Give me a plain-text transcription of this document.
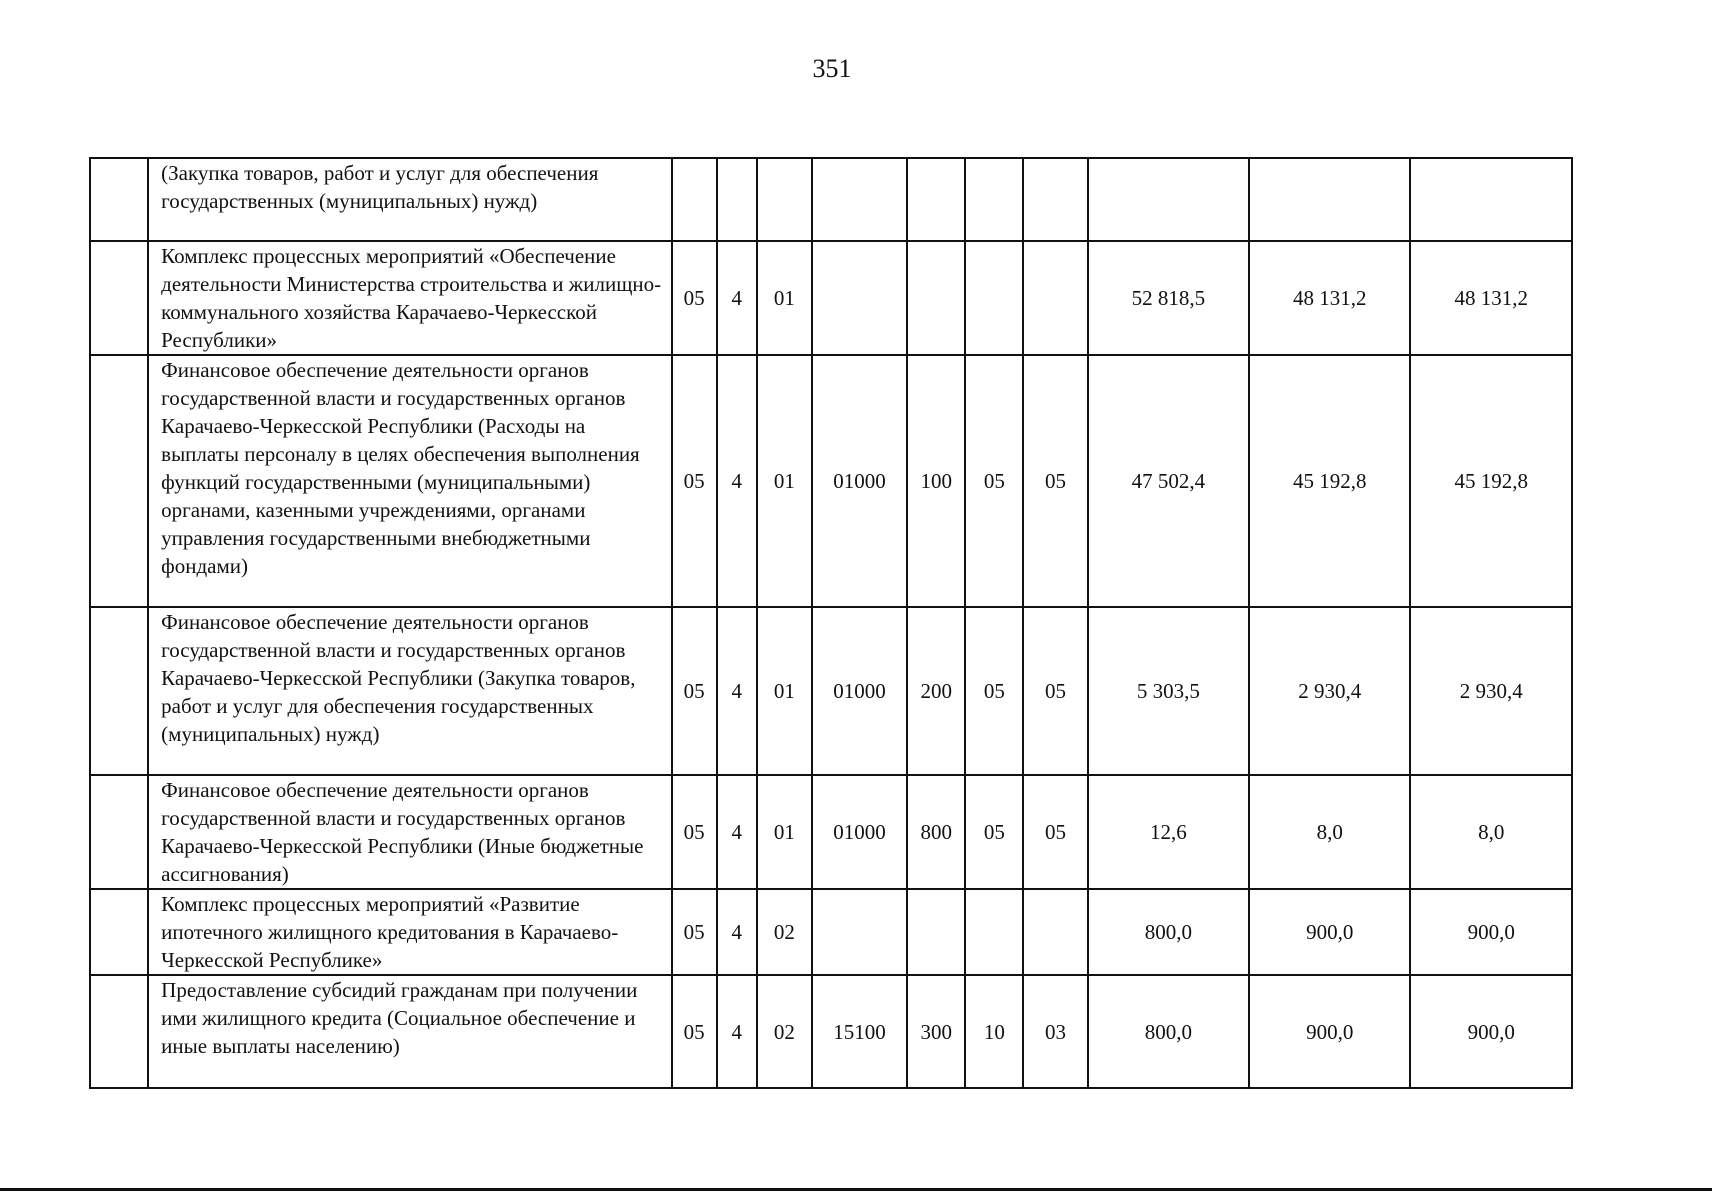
351
	(Закупка товаров, работ и услуг для обеспечения государственных (муниципальных) нужд)										
	Комплекс процессных мероприятий «Обеспечение деятельности Министерства строительства и жилищно-коммунального хозяйства Карачаево-Черкесской Республики»	05	4	01					52 818,5	48 131,2	48 131,2
	Финансовое обеспечение деятельности органов государственной власти и государственных органов Карачаево-Черкесской Республики (Расходы на выплаты персоналу в целях обеспечения выполнения функций государственными (муниципальными) органами, казенными учреждениями, органами управления государственными внебюджетными фондами)	05	4	01	01000	100	05	05	47 502,4	45 192,8	45 192,8
	Финансовое обеспечение деятельности органов государственной власти и государственных органов Карачаево-Черкесской Республики (Закупка товаров, работ и услуг для обеспечения государственных (муниципальных) нужд)	05	4	01	01000	200	05	05	5 303,5	2 930,4	2 930,4
	Финансовое обеспечение деятельности органов государственной власти и государственных органов Карачаево-Черкесской Республики (Иные бюджетные ассигнования)	05	4	01	01000	800	05	05	12,6	8,0	8,0
	Комплекс процессных мероприятий «Развитие ипотечного жилищного кредитования в Карачаево-Черкесской Республике»	05	4	02					800,0	900,0	900,0
	Предоставление субсидий гражданам при получении ими жилищного кредита (Социальное обеспечение и иные выплаты населению)	05	4	02	15100	300	10	03	800,0	900,0	900,0
